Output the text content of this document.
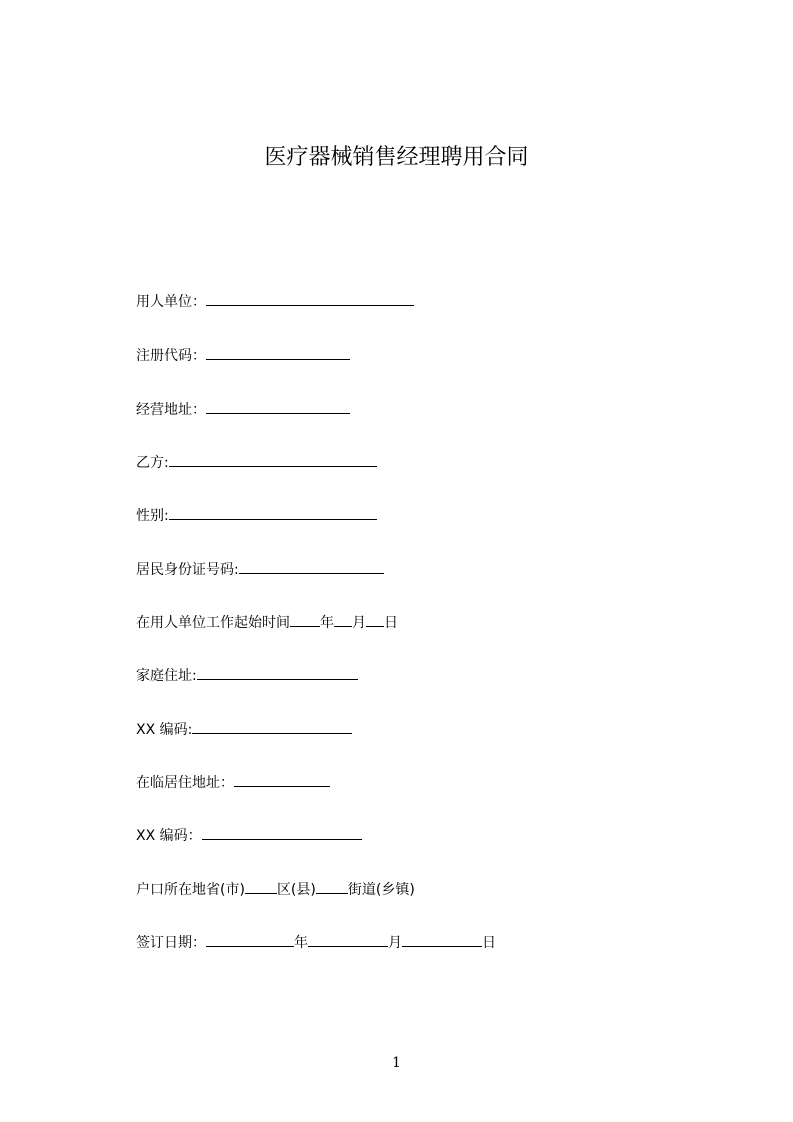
医疗器械销售经理聘用合同
用人单位：
注册代码：
经营地址：
乙方:
性别:
居民身份证号码:
在用人单位工作起始时间 年 月 日
家庭住址:
XX 编码:
在临居住地址：
XX 编码：
户口所在地省(市) 区(县) 街道(乡镇)
签订日期：	年	月	日
1
